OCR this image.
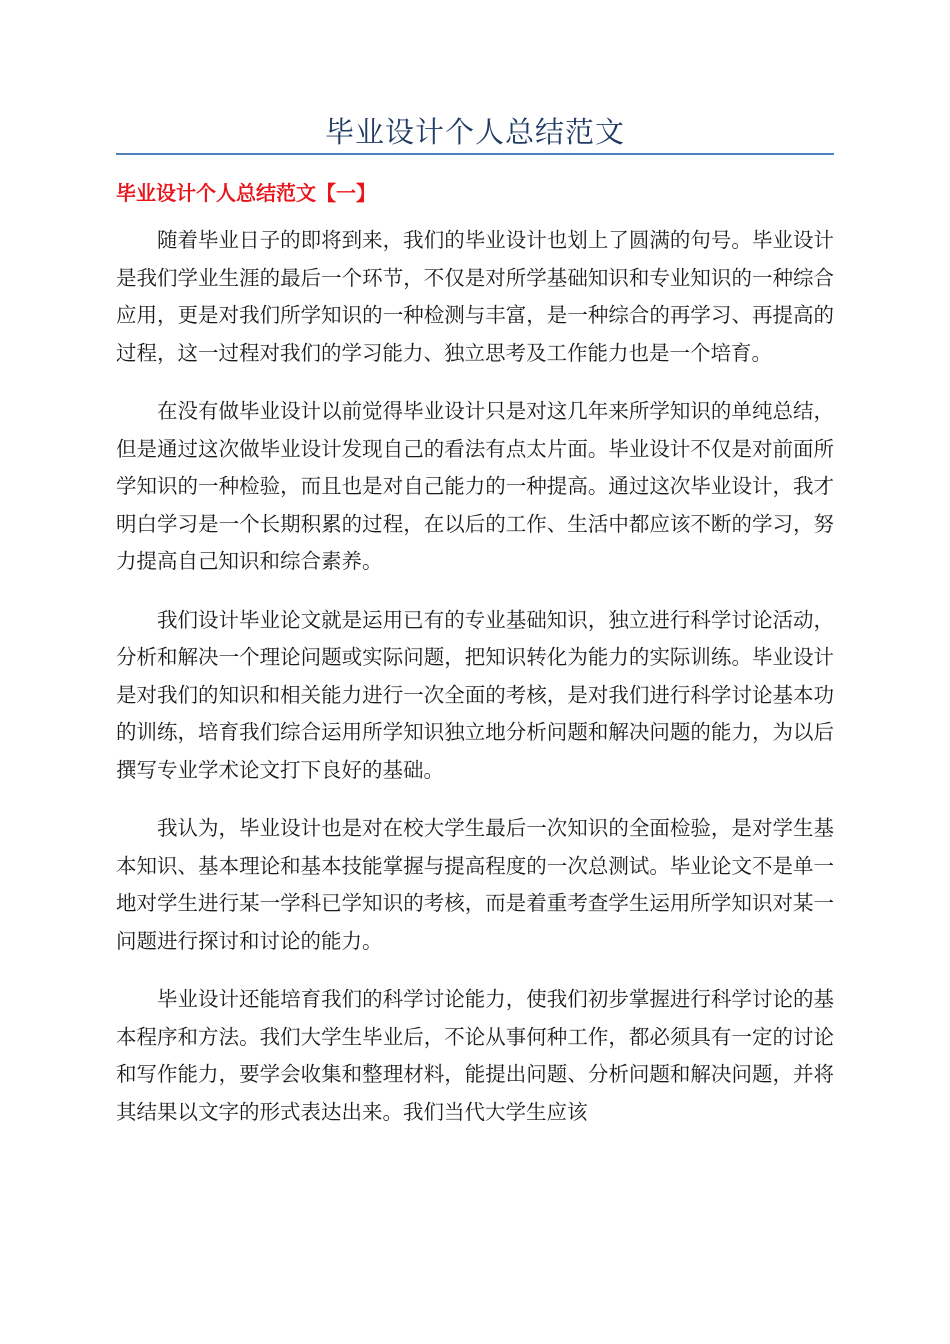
毕业设计个人总结范文
毕业设计个人总结范文【一】

随着毕业日子的即将到来，我们的毕业设计也划上了圆满的句号。毕业设计是我们学业生涯的最后一个环节，不仅是对所学基础知识和专业知识的一种综合应用，更是对我们所学知识的一种检测与丰富，是一种综合的再学习、再提高的过程，这一过程对我们的学习能力、独立思考及工作能力也是一个培育。

在没有做毕业设计以前觉得毕业设计只是对这几年来所学知识的单纯总结，但是通过这次做毕业设计发现自己的看法有点太片面。毕业设计不仅是对前面所学知识的一种检验，而且也是对自己能力的一种提高。通过这次毕业设计，我才明白学习是一个长期积累的过程，在以后的工作、生活中都应该不断的学习，努力提高自己知识和综合素养。

我们设计毕业论文就是运用已有的专业基础知识，独立进行科学讨论活动，分析和解决一个理论问题或实际问题，把知识转化为能力的实际训练。毕业设计是对我们的知识和相关能力进行一次全面的考核，是对我们进行科学讨论基本功的训练，培育我们综合运用所学知识独立地分析问题和解决问题的能力，为以后撰写专业学术论文打下良好的基础。

我认为，毕业设计也是对在校大学生最后一次知识的全面检验，是对学生基本知识、基本理论和基本技能掌握与提高程度的一次总测试。毕业论文不是单一地对学生进行某一学科已学知识的考核，而是着重考查学生运用所学知识对某一问题进行探讨和讨论的能力。

毕业设计还能培育我们的科学讨论能力，使我们初步掌握进行科学讨论的基本程序和方法。我们大学生毕业后，不论从事何种工作，都必须具有一定的讨论和写作能力，要学会收集和整理材料，能提出问题、分析问题和解决问题，并将其结果以文字的形式表达出来。我们当代大学生应该
